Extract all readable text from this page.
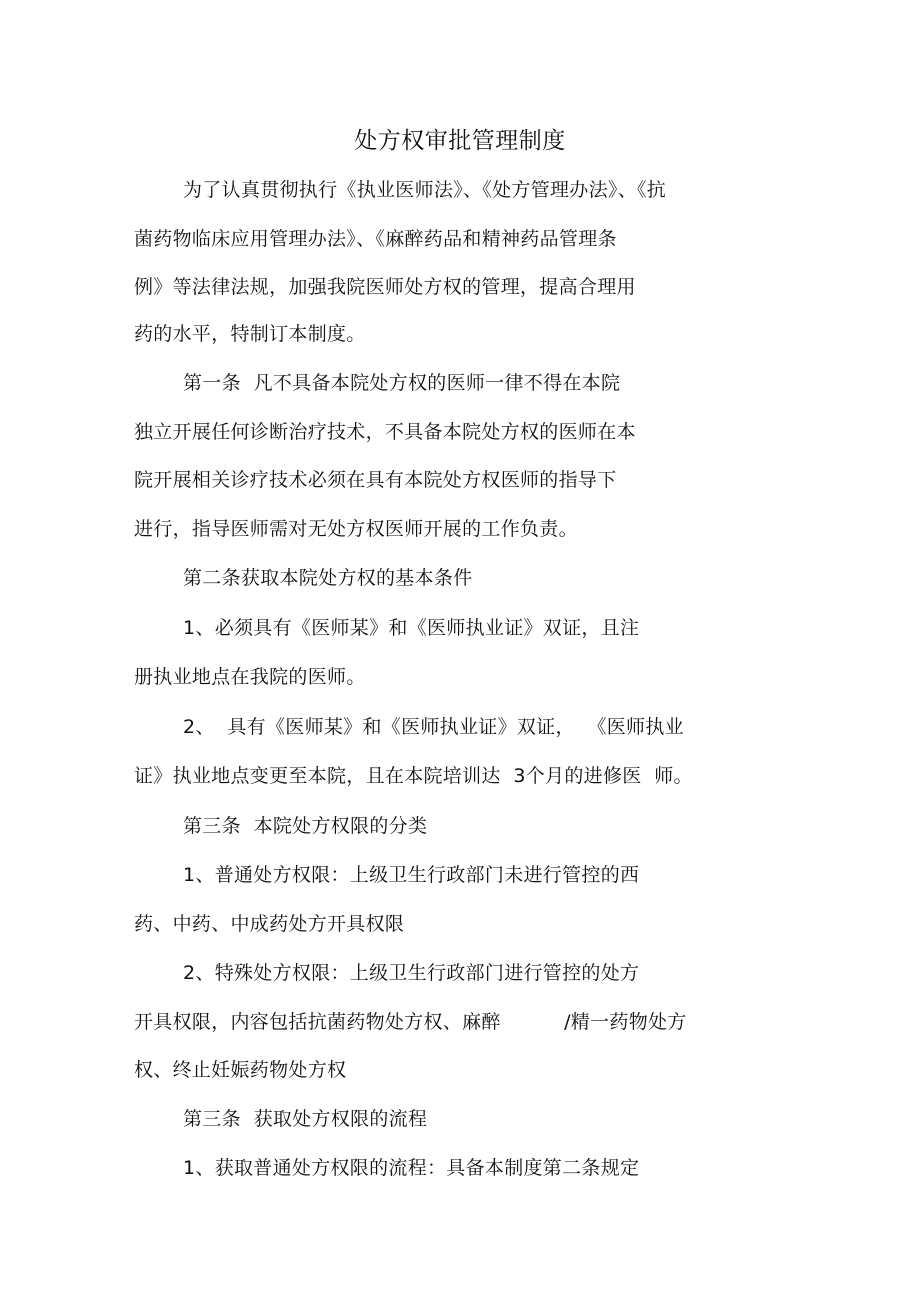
处方权审批管理制度
为了认真贯彻执行《执业医师法》、《处方管理办法》、《抗
菌药物临床应用管理办法》、《麻醉药品和精神药品管理条
例》等法律法规，加强我院医师处方权的管理，提高合理用
药的水平，特制订本制度。
第一条  凡不具备本院处方权的医师一律不得在本院
独立开展任何诊断治疗技术，不具备本院处方权的医师在本
院开展相关诊疗技术必须在具有本院处方权医师的指导下
进行，指导医师需对无处方权医师开展的工作负责。
第二条获取本院处方权的基本条件
1、必须具有《医师某》和《医师执业证》双证，且注
册执业地点在我院的医师。
2、  具有《医师某》和《医师执业证》双证，  《医师执业
证》执业地点变更至本院，且在本院培训达  3个月的进修医  师。
第三条  本院处方权限的分类
1、普通处方权限：上级卫生行政部门未进行管控的西
药、中药、中成药处方开具权限
2、特殊处方权限：上级卫生行政部门进行管控的处方
开具权限，内容包括抗菌药物处方权、麻醉          /精一药物处方
权、终止妊娠药物处方权
第三条  获取处方权限的流程
1、获取普通处方权限的流程：具备本制度第二条规定
